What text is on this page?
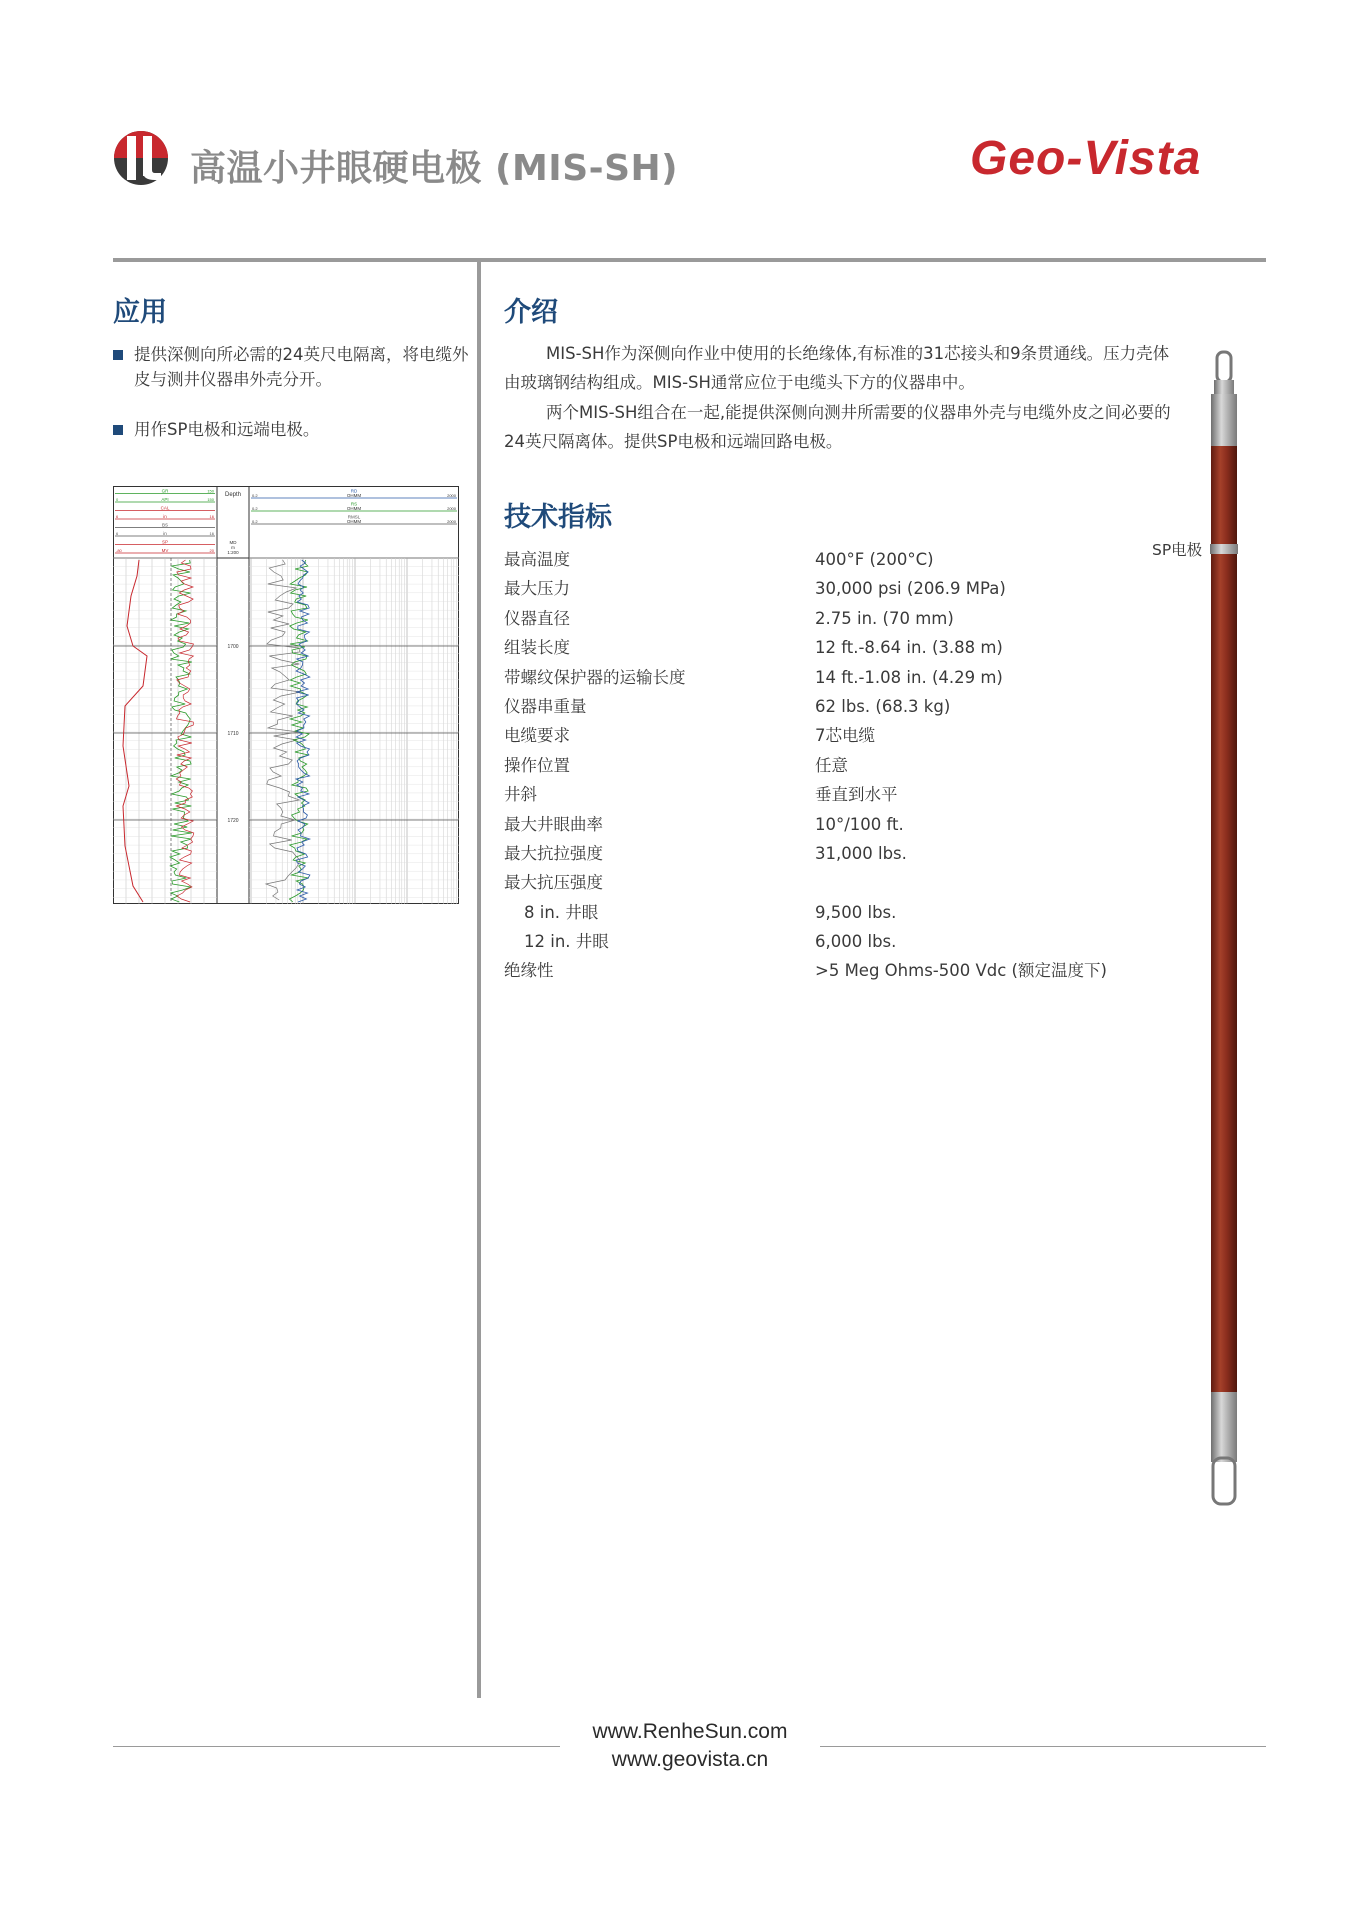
高温小井眼硬电极 (MIS-SH)	Geo-Vista
应用
提供深侧向所必需的24英尺电隔离，将电缆外皮与测井仪器串外壳分开。
用作SP电极和远端电极。
GR	150
API
0	150
CAL
in
6	16
BS
in
6	16
SP
MV
-80	20
Depth
MD
m
1:200
RD
OHMM
0.2	2000
RS
OHMM
0.2	2000
RMSL
OHMM
0.2	2000
1700
1710
1720
介绍
MIS-SH作为深侧向作业中使用的长绝缘体,有标准的31芯接头和9条贯通线。压力壳体由玻璃钢结构组成。MIS-SH通常应位于电缆头下方的仪器串中。
两个MIS-SH组合在一起,能提供深侧向测井所需要的仪器串外壳与电缆外皮之间必要的24英尺隔离体。提供SP电极和远端回路电极。
技术指标
最高温度	400°F (200°C)
最大压力	30,000 psi (206.9 MPa)
仪器直径	2.75 in. (70 mm)
组装长度	12 ft.-8.64 in. (3.88 m)
带螺纹保护器的运输长度	14 ft.-1.08 in. (4.29 m)
仪器串重量	62 lbs. (68.3 kg)
电缆要求	7芯电缆
操作位置	任意
井斜	垂直到水平
最大井眼曲率	10°/100 ft.
最大抗拉强度	31,000 lbs.
最大抗压强度
8 in. 井眼	9,500 lbs.
12 in. 井眼	6,000 lbs.
绝缘性	>5 Meg Ohms-500 Vdc (额定温度下)
SP电极
www.RenheSun.com
www.geovista.cn
